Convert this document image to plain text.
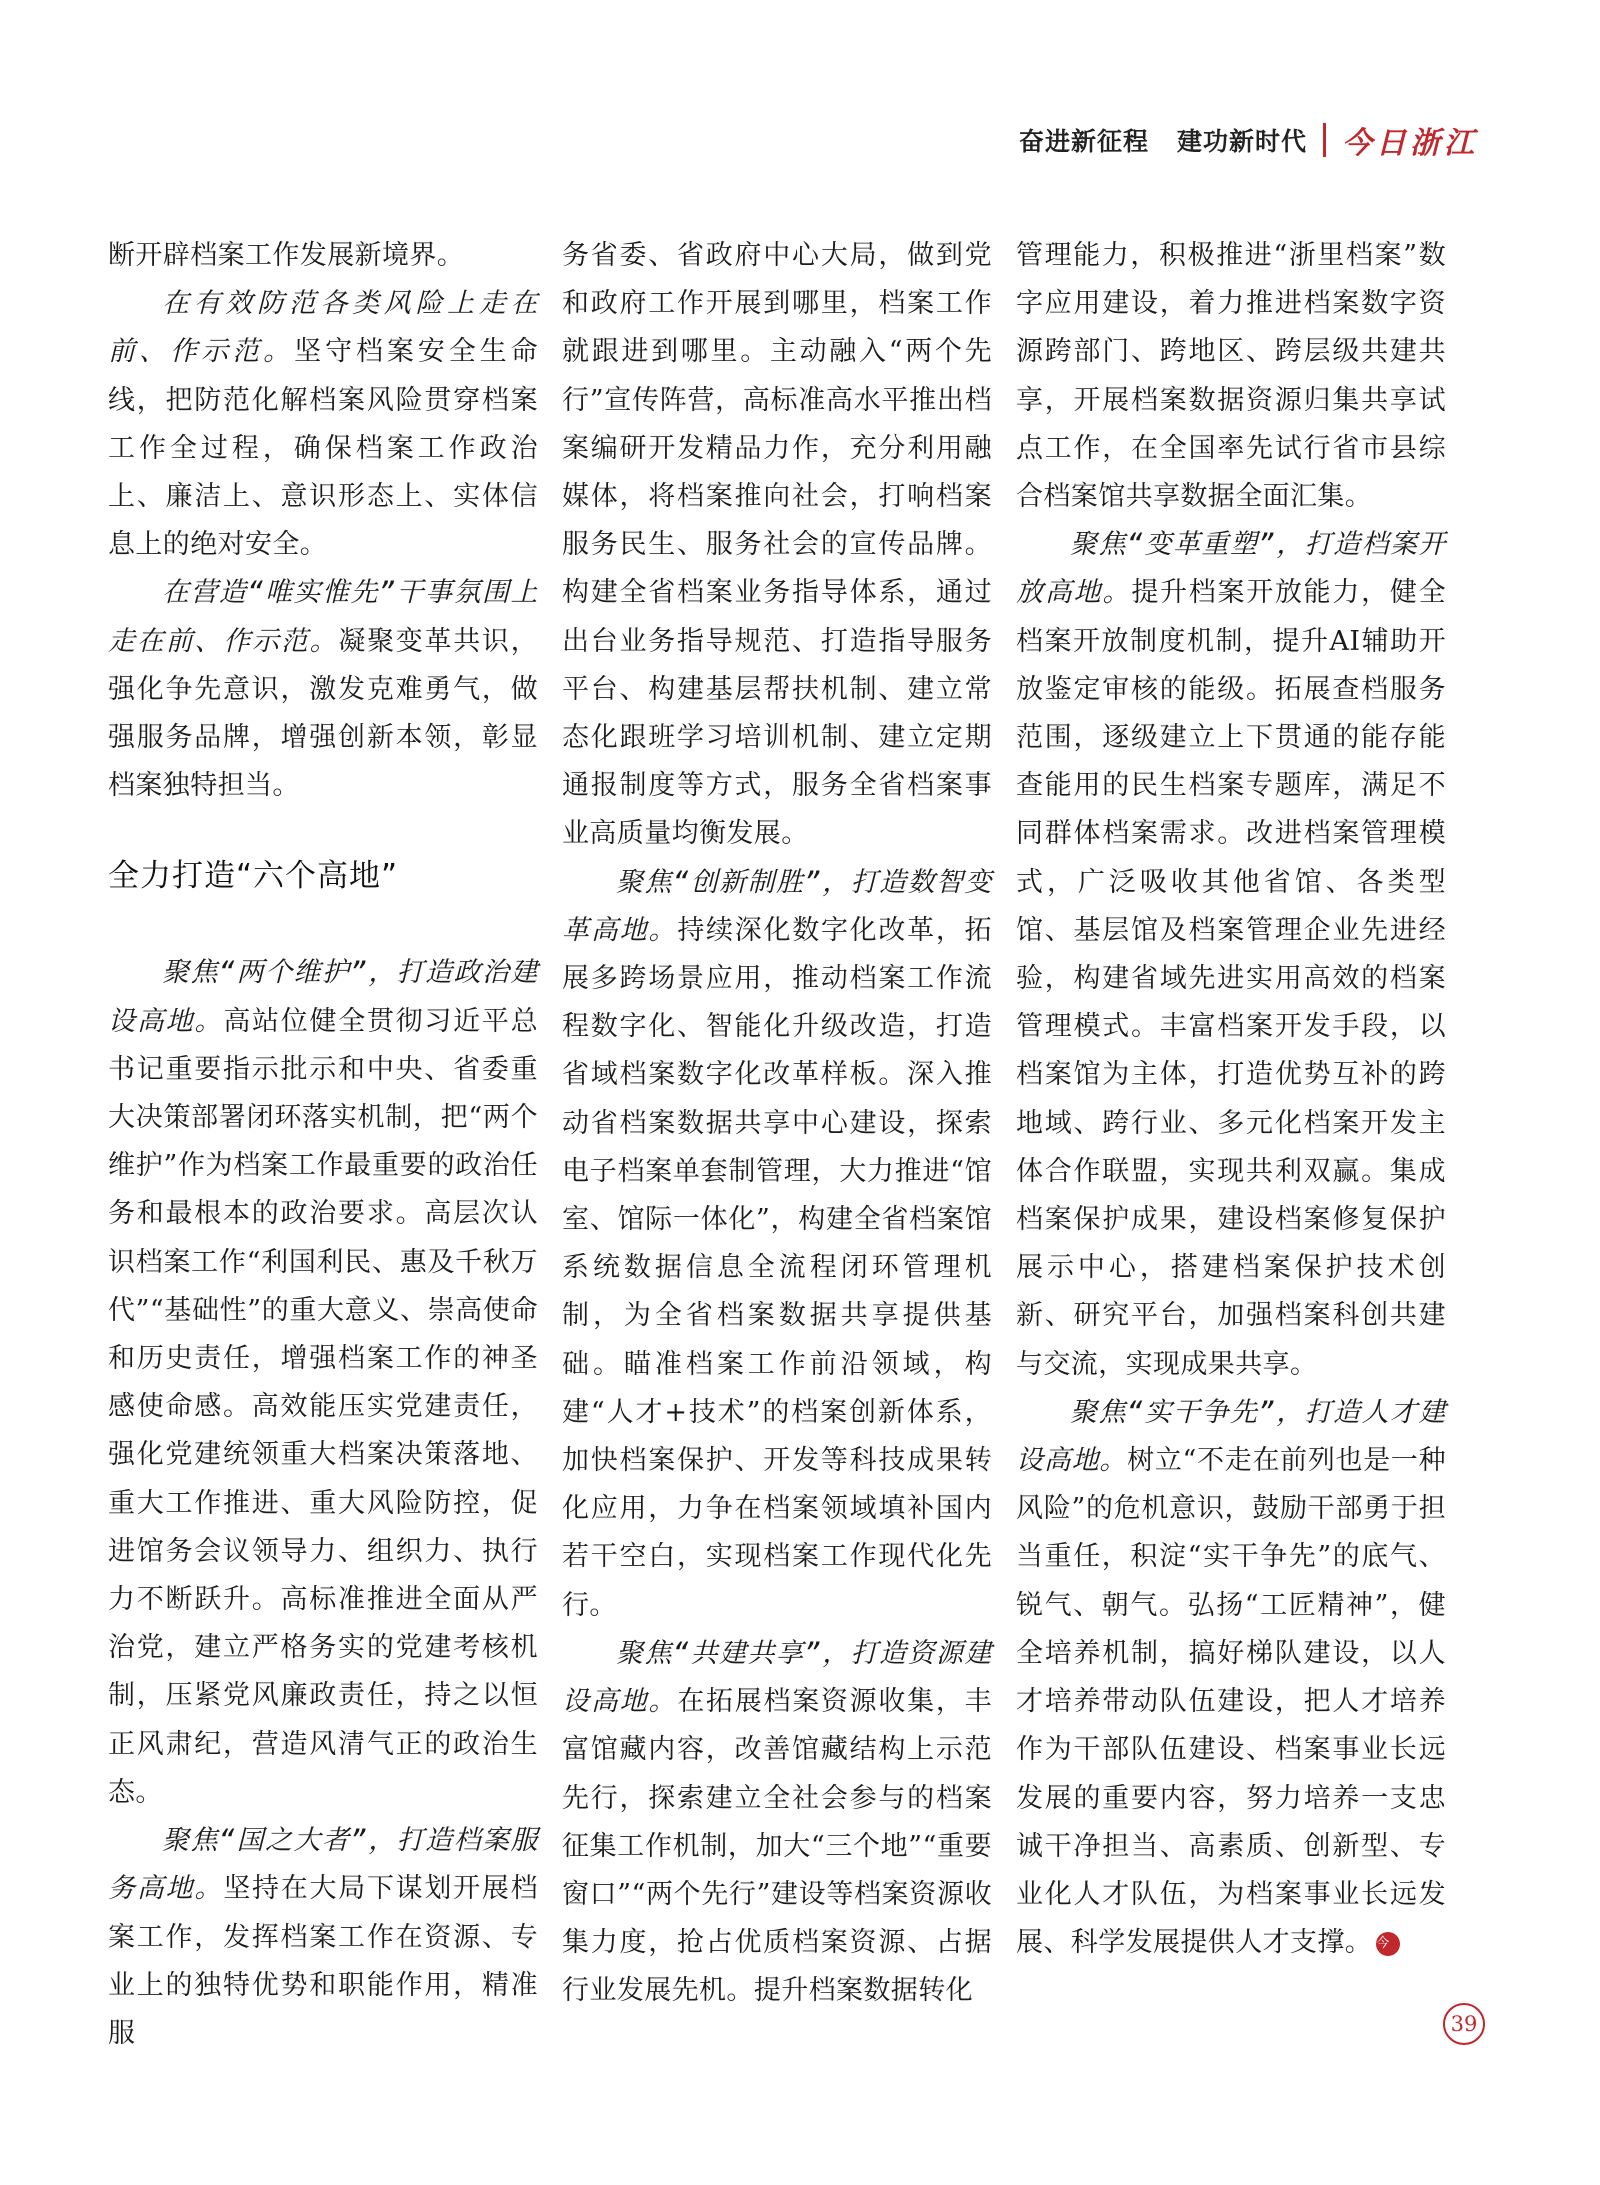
奋进新征程 建功新时代 今日浙江

断开辟档案工作发展新境界。

在有效防范各类风险上走在前、作示范。坚守档案安全生命线，把防范化解档案风险贯穿档案工作全过程，确保档案工作政治上、廉洁上、意识形态上、实体信息上的绝对安全。

在营造“唯实惟先”干事氛围上走在前、作示范。凝聚变革共识，强化争先意识，激发克难勇气，做强服务品牌，增强创新本领，彰显档案独特担当。

全力打造“六个高地”

聚焦“两个维护”，打造政治建设高地。高站位健全贯彻习近平总书记重要指示批示和中央、省委重大决策部署闭环落实机制，把“两个维护”作为档案工作最重要的政治任务和最根本的政治要求。高层次认识档案工作“利国利民、惠及千秋万代”“基础性”的重大意义、崇高使命和历史责任，增强档案工作的神圣感使命感。高效能压实党建责任，强化党建统领重大档案决策落地、重大工作推进、重大风险防控，促进馆务会议领导力、组织力、执行力不断跃升。高标准推进全面从严治党，建立严格务实的党建考核机制，压紧党风廉政责任，持之以恒正风肃纪，营造风清气正的政治生态。

聚焦“国之大者”，打造档案服务高地。坚持在大局下谋划开展档案工作，发挥档案工作在资源、专业上的独特优势和职能作用，精准服

务省委、省政府中心大局，做到党和政府工作开展到哪里，档案工作就跟进到哪里。主动融入“两个先行”宣传阵营，高标准高水平推出档案编研开发精品力作，充分利用融媒体，将档案推向社会，打响档案服务民生、服务社会的宣传品牌。构建全省档案业务指导体系，通过出台业务指导规范、打造指导服务平台、构建基层帮扶机制、建立常态化跟班学习培训机制、建立定期通报制度等方式，服务全省档案事业高质量均衡发展。

聚焦“创新制胜”，打造数智变革高地。持续深化数字化改革，拓展多跨场景应用，推动档案工作流程数字化、智能化升级改造，打造省域档案数字化改革样板。深入推动省档案数据共享中心建设，探索电子档案单套制管理，大力推进“馆室、馆际一体化”，构建全省档案馆系统数据信息全流程闭环管理机制，为全省档案数据共享提供基础。瞄准档案工作前沿领域，构建“人才+技术”的档案创新体系，加快档案保护、开发等科技成果转化应用，力争在档案领域填补国内若干空白，实现档案工作现代化先行。

聚焦“共建共享”，打造资源建设高地。在拓展档案资源收集，丰富馆藏内容，改善馆藏结构上示范先行，探索建立全社会参与的档案征集工作机制，加大“三个地”“重要窗口”“两个先行”建设等档案资源收集力度，抢占优质档案资源、占据行业发展先机。提升档案数据转化

管理能力，积极推进“浙里档案”数字应用建设，着力推进档案数字资源跨部门、跨地区、跨层级共建共享，开展档案数据资源归集共享试点工作，在全国率先试行省市县综合档案馆共享数据全面汇集。

聚焦“变革重塑”，打造档案开放高地。提升档案开放能力，健全档案开放制度机制，提升AI辅助开放鉴定审核的能级。拓展查档服务范围，逐级建立上下贯通的能存能查能用的民生档案专题库，满足不同群体档案需求。改进档案管理模式，广泛吸收其他省馆、各类型馆、基层馆及档案管理企业先进经验，构建省域先进实用高效的档案管理模式。丰富档案开发手段，以档案馆为主体，打造优势互补的跨地域、跨行业、多元化档案开发主体合作联盟，实现共利双赢。集成档案保护成果，建设档案修复保护展示中心，搭建档案保护技术创新、研究平台，加强档案科创共建与交流，实现成果共享。

聚焦“实干争先”，打造人才建设高地。树立“不走在前列也是一种风险”的危机意识，鼓励干部勇于担当重任，积淀“实干争先”的底气、锐气、朝气。弘扬“工匠精神”，健全培养机制，搞好梯队建设，以人才培养带动队伍建设，把人才培养作为干部队伍建设、档案事业长远发展的重要内容，努力培养一支忠诚干净担当、高素质、创新型、专业化人才队伍，为档案事业长远发展、科学发展提供人才支撑。 今

39
